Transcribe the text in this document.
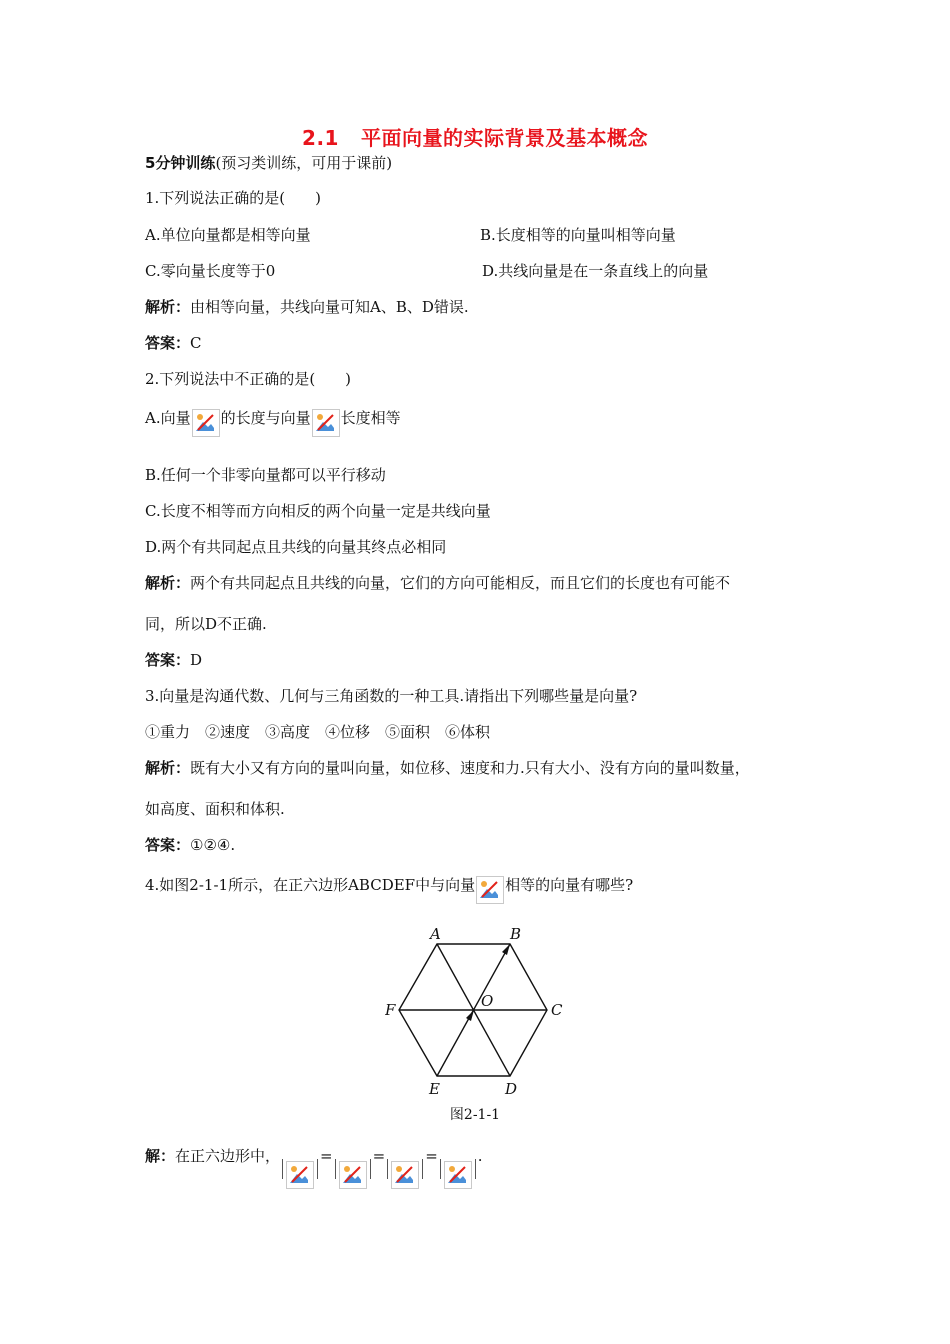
2.1 平面向量的实际背景及基本概念
5分钟训练(预习类训练，可用于课前)
1.下列说法正确的是(　　)
A.单位向量都是相等向量	B.长度相等的向量叫相等向量
C.零向量长度等于0	D.共线向量是在一条直线上的向量
解析：由相等向量，共线向量可知A、B、D错误.
答案：C
2.下列说法中不正确的是(　　)
A.向量 的长度与向量 长度相等
B.任何一个非零向量都可以平行移动
C.长度不相等而方向相反的两个向量一定是共线向量
D.两个有共同起点且共线的向量其终点必相同
解析：两个有共同起点且共线的向量，它们的方向可能相反，而且它们的长度也有可能不
同，所以D不正确.
答案：D
3.向量是沟通代数、几何与三角函数的一种工具.请指出下列哪些量是向量?
①重力　②速度　③高度　④位移　⑤面积　⑥体积
解析：既有大小又有方向的量叫向量，如位移、速度和力.只有大小、没有方向的量叫数量，
如高度、面积和体积.
答案：①②④.
4.如图2-1-1所示，在正六边形ABCDEF中与向量 相等的向量有哪些?
A	B
C
D
E
F	O
图2-1-1
解：在正六边形中，	=	=	=	.
